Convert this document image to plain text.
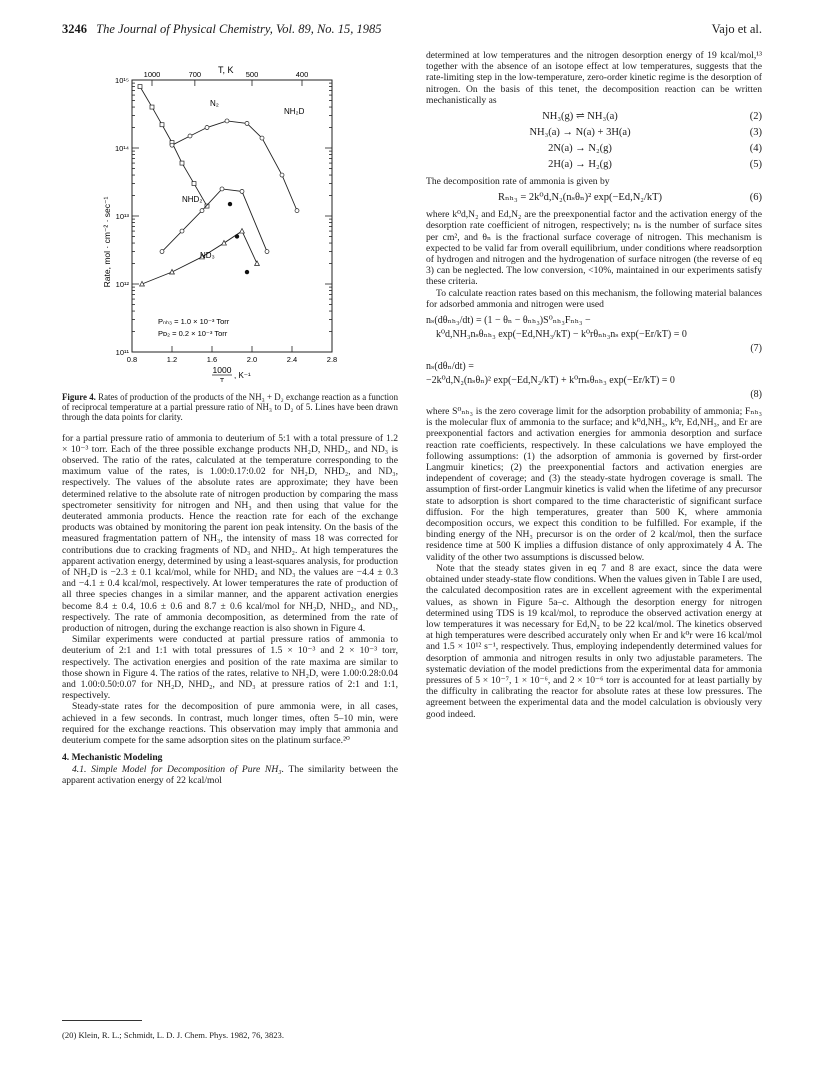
3246 The Journal of Physical Chemistry, Vol. 89, No. 15, 1985	Vajo et al.
10¹⁵
10¹⁴
10¹³
10¹²
10¹¹
0.8	1.2	1.6	2.0	2.4	2.8
1000	700	500	400
T, K
Rate, mol · cm⁻² · sec⁻¹
N₂
NH₂D
NHD₂
ND₃
Pₙₕ₃ = 1.0 × 10⁻³ Torr
Pᴅ₂ = 0.2 × 10⁻³ Torr
1000
T
, K⁻¹
Figure 4. Rates of production of the products of the NH₃ + D₂ exchange reaction as a function of reciprocal temperature at a partial pressure ratio of NH₃ to D₂ of 5. Lines have been drawn through the data points for clarity.

for a partial pressure ratio of ammonia to deuterium of 5:1 with a total pressure of 1.2 × 10⁻³ torr. Each of the three possible exchange products NH₂D, NHD₂, and ND₃ is observed. The ratio of the rates, calculated at the temperature corresponding to the maximum value of the rates, is 1.00:0.17:0.02 for NH₂D, NHD₂, and ND₃, respectively. The values of the absolute rates are approximate; they have been determined relative to the absolute rate of nitrogen production by comparing the mass spectrometer sensitivity for nitrogen and NH₃ and then using that value for the deuterated ammonia products. Hence the reaction rate for each of the exchange products was obtained by monitoring the parent ion peak intensity. On the basis of the measured fragmentation pattern of NH₃, the intensity of mass 18 was corrected for contributions due to cracking fragments of ND₃ and NHD₂. At high temperatures the apparent activation energy, determined by using a least-squares analysis, for production of NH₂D is −2.3 ± 0.1 kcal/mol, while for NHD₂ and ND₃ the values are −4.4 ± 0.3 and −4.1 ± 0.4 kcal/mol, respectively. At lower temperatures the rate of production of all three species changes in a similar manner, and the apparent activation energies become 8.4 ± 0.4, 10.6 ± 0.6 and 8.7 ± 0.6 kcal/mol for NH₂D, NHD₂, and ND₃, respectively. The rate of ammonia decomposition, as determined from the rate of production of nitrogen, during the exchange reaction is also shown in Figure 4.

Similar experiments were conducted at partial pressure ratios of ammonia to deuterium of 2:1 and 1:1 with total pressures of 1.5 × 10⁻³ and 2 × 10⁻³ torr, respectively. The activation energies and position of the rate maxima are similar to those shown in Figure 4. The ratios of the rates, relative to NH₂D, were 1.00:0.28:0.04 and 1.00:0.50:0.07 for NH₂D, NHD₂, and ND₃ at pressure ratios of 2:1 and 1:1, respectively.

Steady-state rates for the decomposition of pure ammonia were, in all cases, achieved in a few seconds. In contrast, much longer times, often 5–10 min, were required for the exchange reactions. This observation may imply that ammonia and deuterium compete for the same adsorption sites on the platinum surface.²⁰

4. Mechanistic Modeling

4.1. Simple Model for Decomposition of Pure NH₃. The similarity between the apparent activation energy of 22 kcal/mol

(20) Klein, R. L.; Schmidt, L. D. J. Chem. Phys. 1982, 76, 3823.

determined at low temperatures and the nitrogen desorption energy of 19 kcal/mol,¹³ together with the absence of an isotope effect at low temperatures, suggests that the rate-limiting step in the low-temperature, zero-order kinetic regime is the desorption of nitrogen. On the basis of this tenet, the decomposition reaction can be written mechanistically as

NH₃(g) ⇌ NH₃(a)	(2)
NH₃(a) → N(a) + 3H(a)	(3)
2N(a) → N₂(g)	(4)
2H(a) → H₂(g)	(5)

The decomposition rate of ammonia is given by

Rₙₕ₃ = 2k⁰d,N₂(nₛθₙ)² exp(−Ed,N₂/kT)	(6)

where k⁰d,N₂ and Ed,N₂ are the preexponential factor and the activation energy of the desorption rate coefficient of nitrogen, respectively; nₛ is the number of surface sites per cm², and θₙ is the fractional surface coverage of nitrogen. This mechanism is expected to be valid far from overall equilibrium, under conditions where readsorption of hydrogen and nitrogen and the hydrogenation of surface nitrogen (the reverse of eq 3) can be neglected. The low conversion, <10%, maintained in our experiments satisfy these criteria.

To calculate reaction rates based on this mechanism, the following material balances for adsorbed ammonia and nitrogen were used

nₛ(dθₙₕ₃/dt) = (1 − θₙ − θₙₕ₃)S⁰ₙₕ₃Fₙₕ₃ −
k⁰d,NH₃nₛθₙₕ₃ exp(−Ed,NH₃/kT) − k⁰rθₙₕ₃nₛ exp(−Er/kT) = 0
(7)
nₛ(dθₙ/dt) =
−2k⁰d,N₂(nₛθₙ)² exp(−Ed,N₂/kT) + k⁰rnₛθₙₕ₃ exp(−Er/kT) = 0
(8)

where S⁰ₙₕ₃ is the zero coverage limit for the adsorption probability of ammonia; Fₙₕ₃ is the molecular flux of ammonia to the surface; and k⁰d,NH₃, k⁰r, Ed,NH₃, and Er are preexponential factors and activation energies for ammonia desorption and surface reaction rate coefficients, respectively. In these calculations we have employed the following assumptions: (1) the adsorption of ammonia is governed by first-order Langmuir kinetics; (2) the preexponential factors and activation energies are independent of coverage; and (3) the steady-state hydrogen coverage is small. The assumption of first-order Langmuir kinetics is valid when the lifetime of any precursor state to adsorption is short compared to the time characteristic of significant surface diffusion. For the high temperatures, greater than 500 K, where ammonia decomposition occurs, we expect this condition to be fulfilled. For example, if the binding energy of the NH₃ precursor is on the order of 2 kcal/mol, then the surface residence time at 500 K implies a diffusion distance of only approximately 4 Å. The validity of the other two assumptions is discussed below.

Note that the steady states given in eq 7 and 8 are exact, since the data were obtained under steady-state flow conditions. When the values given in Table I are used, the calculated decomposition rates are in excellent agreement with the experimental values, as shown in Figure 5a–c. Although the desorption energy for nitrogen determined using TDS is 19 kcal/mol, to reproduce the observed activation energy at low temperatures it was necessary for Ed,N₂ to be 22 kcal/mol. The kinetics observed at high temperatures were described accurately only when Er and k⁰r were 16 kcal/mol and 1.5 × 10¹² s⁻¹, respectively. Thus, employing independently determined values for desorption of ammonia and nitrogen results in only two adjustable parameters. The systematic deviation of the model predictions from the experimental data for ammonia pressures of 5 × 10⁻⁷, 1 × 10⁻⁶, and 2 × 10⁻⁶ torr is accounted for at least partially by the difficulty in calibrating the reactor for absolute rates at these low pressures. The agreement between the experimental data and the model calculation is obviously very good indeed.
